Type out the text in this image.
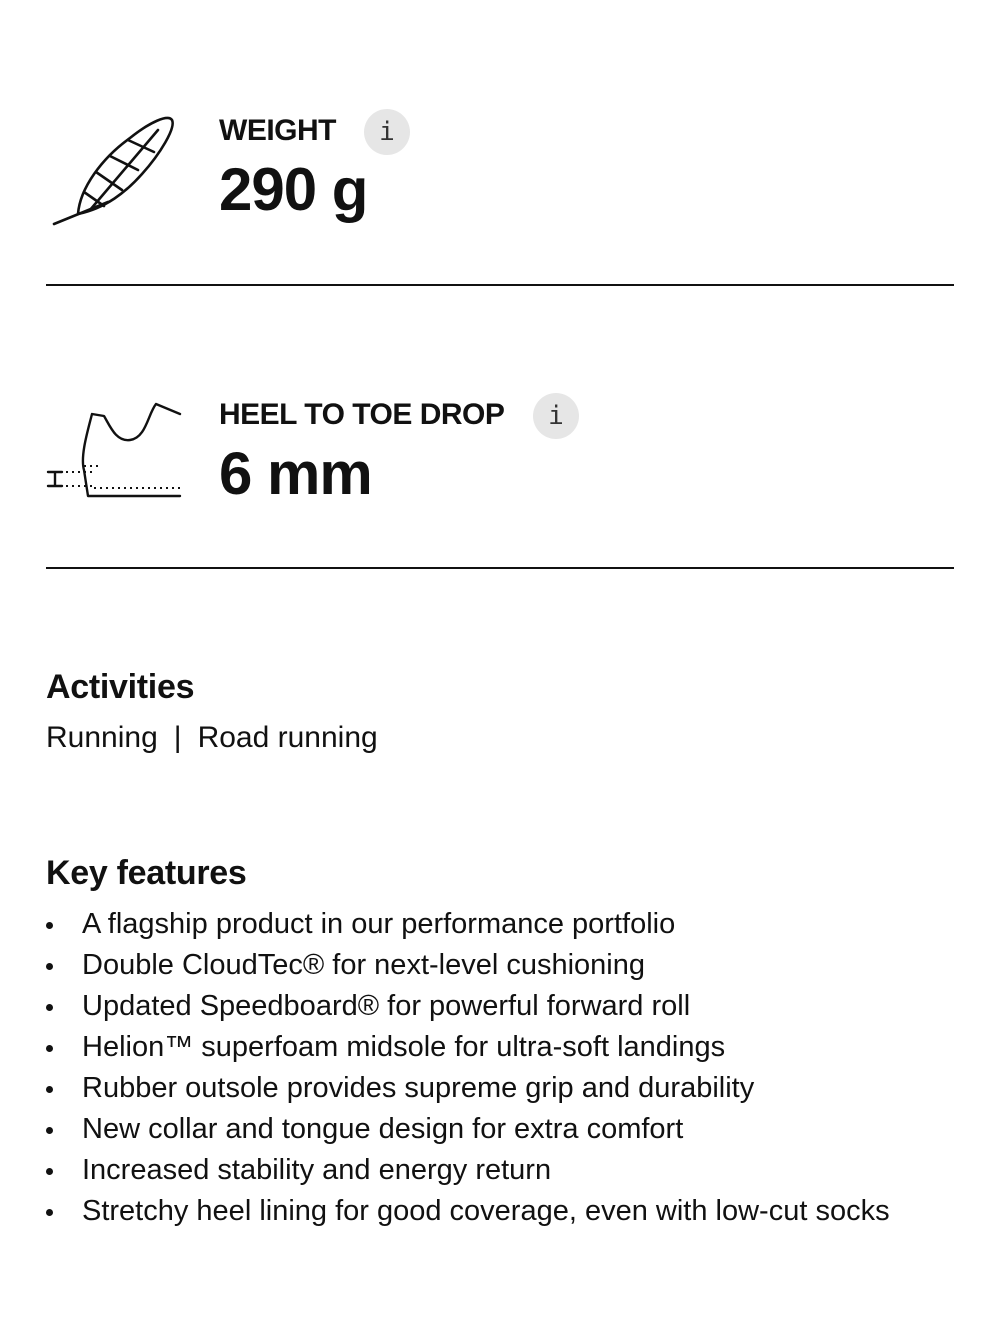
WEIGHT	i
290 g
HEEL TO TOE DROP	i
6 mm
Activities
Running | Road running
Key features
A flagship product in our performance portfolio
Double CloudTec® for next-level cushioning
Updated Speedboard® for powerful forward roll
Helion™ superfoam midsole for ultra-soft landings
Rubber outsole provides supreme grip and durability
New collar and tongue design for extra comfort
Increased stability and energy return
Stretchy heel lining for good coverage, even with low-cut socks
